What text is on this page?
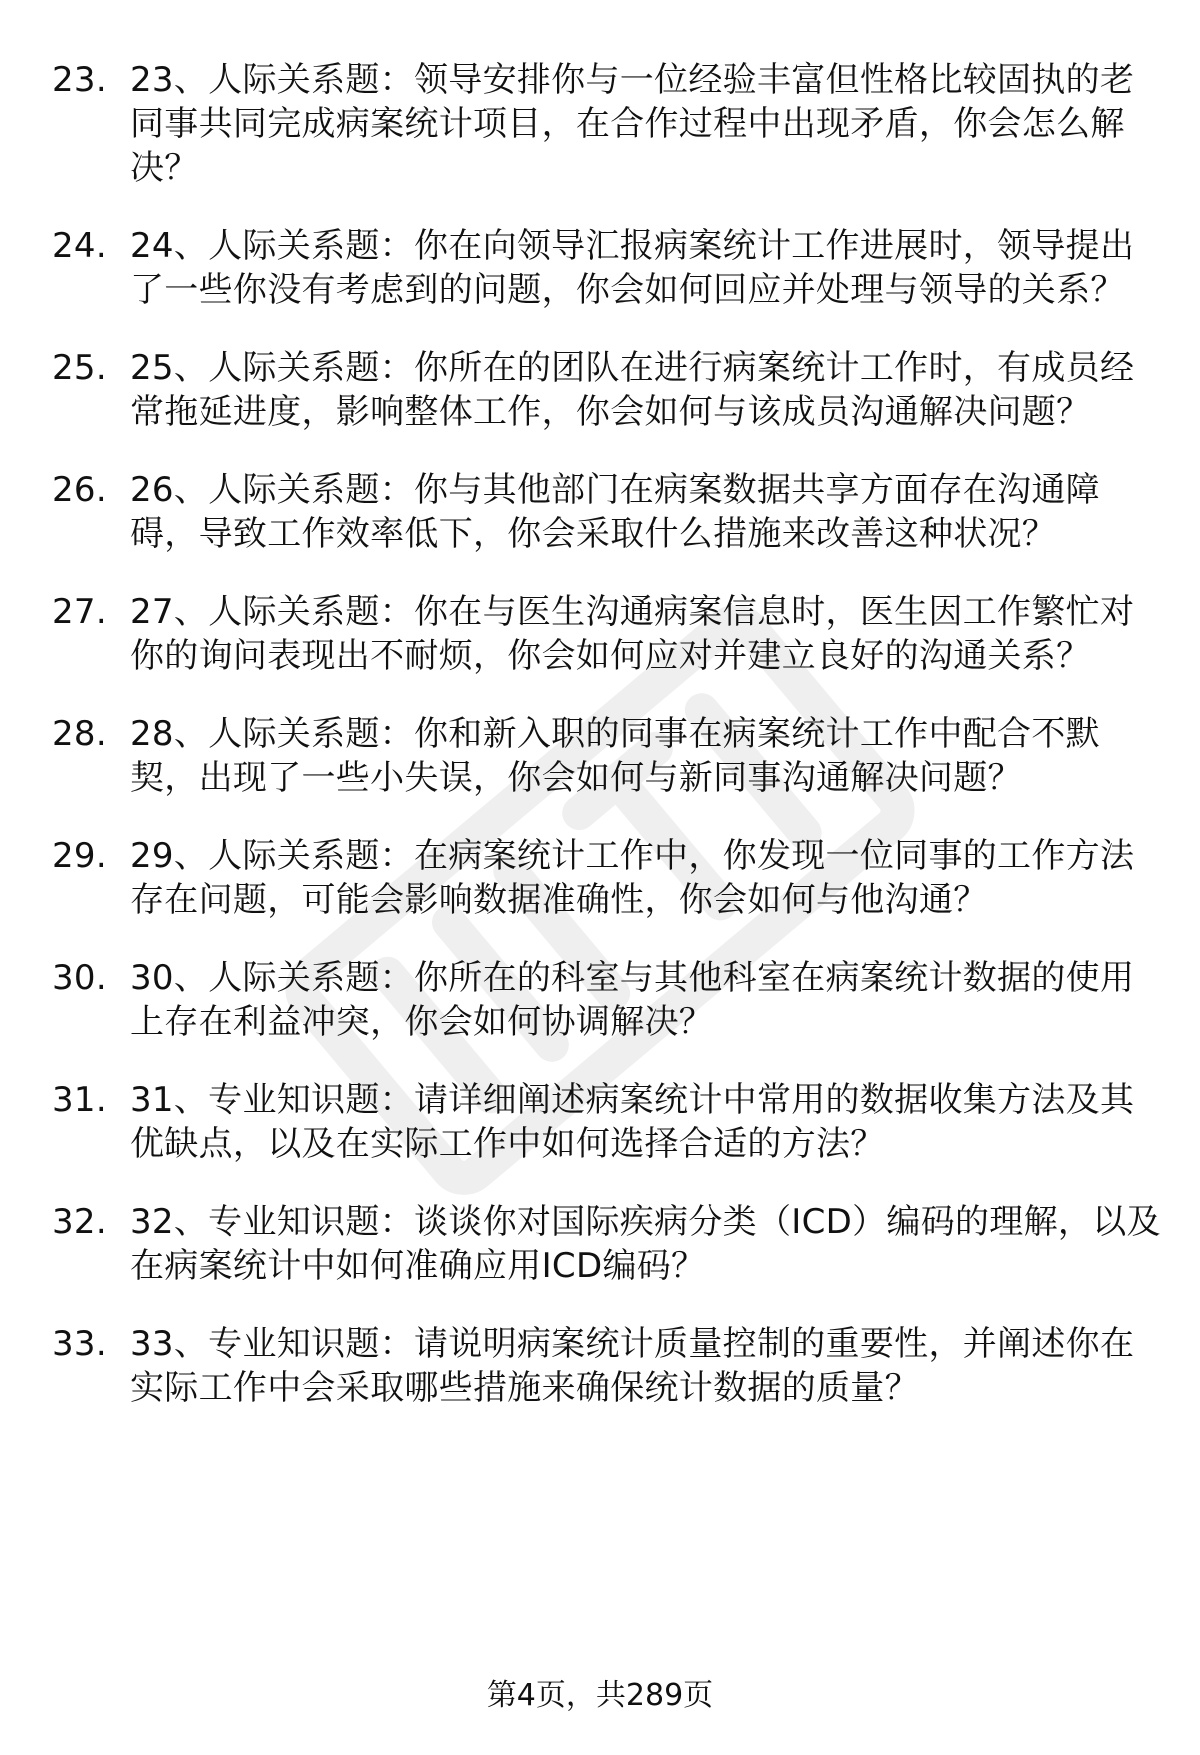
23. 23、人际关系题：领导安排你与一位经验丰富但性格比较固执的老同事共同完成病案统计项目，在合作过程中出现矛盾，你会怎么解决？
24. 24、人际关系题：你在向领导汇报病案统计工作进展时，领导提出了一些你没有考虑到的问题，你会如何回应并处理与领导的关系？
25. 25、人际关系题：你所在的团队在进行病案统计工作时，有成员经常拖延进度，影响整体工作，你会如何与该成员沟通解决问题？
26. 26、人际关系题：你与其他部门在病案数据共享方面存在沟通障碍，导致工作效率低下，你会采取什么措施来改善这种状况？
27. 27、人际关系题：你在与医生沟通病案信息时，医生因工作繁忙对你的询问表现出不耐烦，你会如何应对并建立良好的沟通关系？
28. 28、人际关系题：你和新入职的同事在病案统计工作中配合不默契，出现了一些小失误，你会如何与新同事沟通解决问题？
29. 29、人际关系题：在病案统计工作中，你发现一位同事的工作方法存在问题，可能会影响数据准确性，你会如何与他沟通？
30. 30、人际关系题：你所在的科室与其他科室在病案统计数据的使用上存在利益冲突，你会如何协调解决？
31. 31、专业知识题：请详细阐述病案统计中常用的数据收集方法及其优缺点，以及在实际工作中如何选择合适的方法？
32. 32、专业知识题：谈谈你对国际疾病分类（ICD）编码的理解，以及在病案统计中如何准确应用ICD编码？
33. 33、专业知识题：请说明病案统计质量控制的重要性，并阐述你在实际工作中会采取哪些措施来确保统计数据的质量？
第4页，共289页
